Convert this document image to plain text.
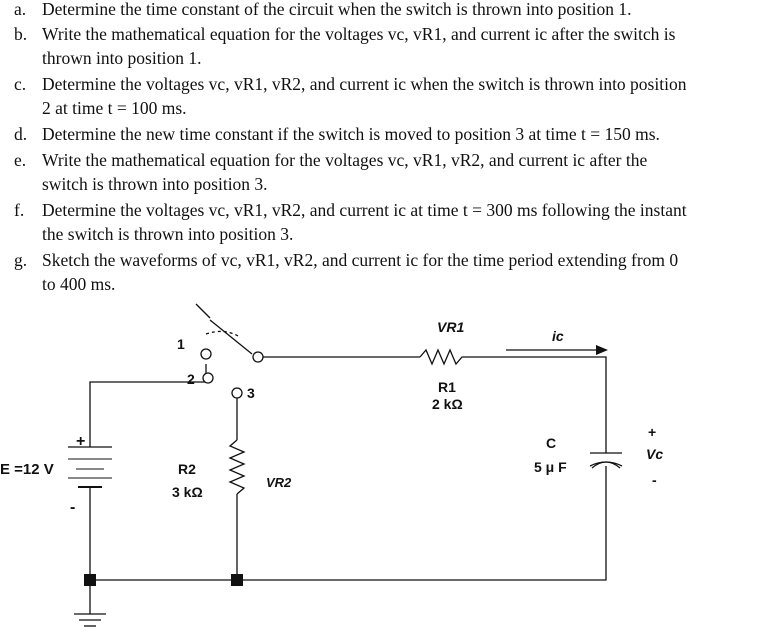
a. Determine the time constant of the circuit when the switch is thrown into position 1.
b. Write the mathematical equation for the voltages vc, vR1, and current ic after the switch is
thrown into position 1.
c. Determine the voltages vc, vR1, vR2, and current ic when the switch is thrown into position
2 at time t = 100 ms.
d. Determine the new time constant if the switch is moved to position 3 at time t = 150 ms.
e. Write the mathematical equation for the voltages vc, vR1, vR2, and current ic after the
switch is thrown into position 3.
f. Determine the voltages vc, vR1, vR2, and current ic at time t = 300 ms following the instant
the switch is thrown into position 3.
g. Sketch the waveforms of vc, vR1, vR2, and current ic for the time period extending from 0
to 400 ms.
E =12 V
+
-
1
2
3
VR1
R1
2 kΩ
ic
R2
3 kΩ
VR2
C
5 μ F
+
Vc
-
